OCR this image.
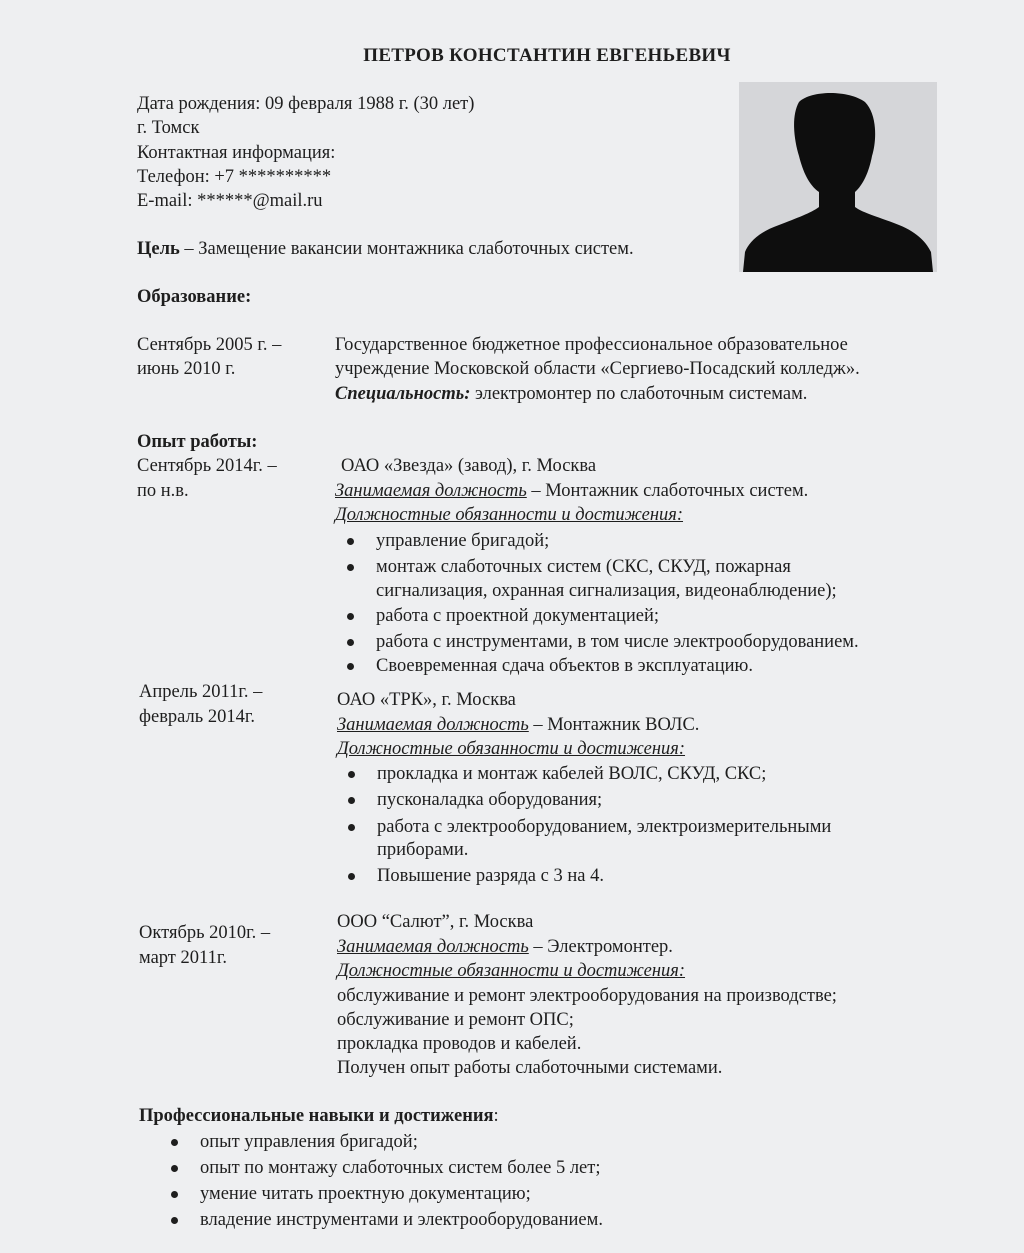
ПЕТРОВ КОНСТАНТИН ЕВГЕНЬЕВИЧ
Дата рождения: 09 февраля 1988 г. (30 лет)
г. Томск
Контактная информация:
Телефон: +7 **********
E-mail: ******@mail.ru
Цель – Замещение вакансии монтажника слаботочных систем.
Образование:
Сентябрь 2005 г. –
июнь 2010 г.
Государственное бюджетное профессиональное образовательное
учреждение Московской области «Сергиево-Посадский колледж».
Специальность: электромонтер по слаботочным системам.
Опыт работы:
Сентябрь 2014г. –
по н.в.
ОАО «Звезда» (завод), г. Москва
Занимаемая должность – Монтажник слаботочных систем.
Должностные обязанности и достижения:
управление бригадой;
монтаж слаботочных систем (СКС, СКУД, пожарная
сигнализация, охранная сигнализация, видеонаблюдение);
работа с проектной документацией;
работа с инструментами, в том числе электрооборудованием.
Своевременная сдача объектов в эксплуатацию.
Апрель 2011г. –
февраль 2014г.
ОАО «ТРК», г. Москва
Занимаемая должность – Монтажник ВОЛС.
Должностные обязанности и достижения:
прокладка и монтаж кабелей ВОЛС, СКУД, СКС;
пусконаладка оборудования;
работа с электрооборудованием, электроизмерительными
приборами.
Повышение разряда с 3 на 4.
Октябрь 2010г. –
март 2011г.
ООО “Салют”, г. Москва
Занимаемая должность – Электромонтер.
Должностные обязанности и достижения:
обслуживание и ремонт электрооборудования на производстве;
обслуживание и ремонт ОПС;
прокладка проводов и кабелей.
Получен опыт работы слаботочными системами.
Профессиональные навыки и достижения:
опыт управления бригадой;
опыт по монтажу слаботочных систем более 5 лет;
умение читать проектную документацию;
владение инструментами и электрооборудованием.
